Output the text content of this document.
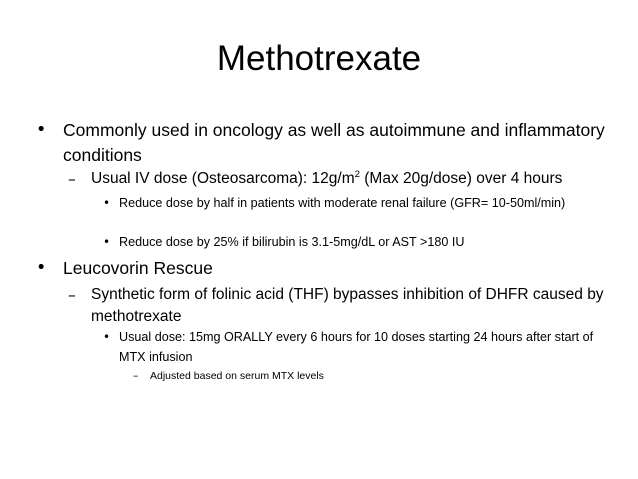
Methotrexate
• Commonly used in oncology as well as autoimmune and inflammatory conditions
– Usual IV dose (Osteosarcoma): $12g/m^2$ (Max 20g/dose) over 4 hours
• Reduce dose by half in patients with moderate renal failure (GFR= 10-50ml/min)
• Reduce dose by 25% if bilirubin is 3.1-5mg/dL or AST >180 IU
• Leucovorin Rescue
– Synthetic form of folinic acid (THF) bypasses inhibition of DHFR caused by methotrexate
• Usual dose: 15mg ORALLY every 6 hours for 10 doses starting 24 hours after start of MTX infusion
– Adjusted based on serum MTX levels
